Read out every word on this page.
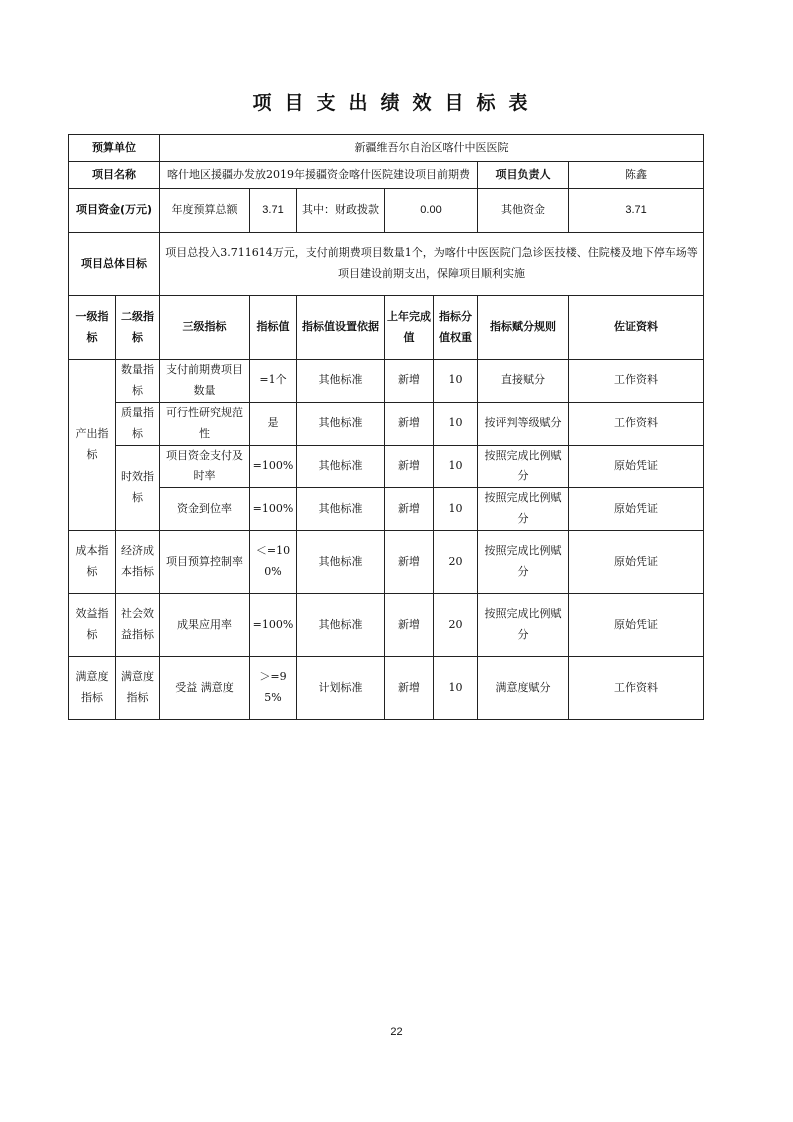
项目支出绩效目标表
预算单位		新疆维吾尔自治区喀什中医医院						
项目名称		喀什地区援疆办发放2019年援疆资金喀什医院建设项目前期费					项目负责人	陈鑫
项目资金(万元)		年度预算总额	3.71	其中：财政拨款	0.00		其他资金	3.71
项目总体目标		项目总投入3.711614万元，支付前期费项目数量1个，为喀什中医医院门急诊医技楼、住院楼及地下停车场等项目建设前期支出，保障项目顺利实施						
一级指标	二级指标	三级指标	指标值	指标值设置依据	上年完成值	指标分值权重	指标赋分规则	佐证资料
产出指标	数量指标	支付前期费项目数量	=1个	其他标准	新增	10	直接赋分	工作资料
	质量指标	可行性研究规范性	是	其他标准	新增	10	按评判等级赋分	工作资料
	时效指标	项目资金支付及时率	=100%	其他标准	新增	10	按照完成比例赋分	原始凭证
		资金到位率	=100%	其他标准	新增	10	按照完成比例赋分	原始凭证
成本指标	经济成本指标	项目预算控制率	＜=100%	其他标准	新增	20	按照完成比例赋分	原始凭证
效益指标	社会效益指标	成果应用率	=100%	其他标准	新增	20	按照完成比例赋分	原始凭证
满意度指标	满意度指标	受益 满意度	＞=95%	计划标准	新增	10	满意度赋分	工作资料
22
